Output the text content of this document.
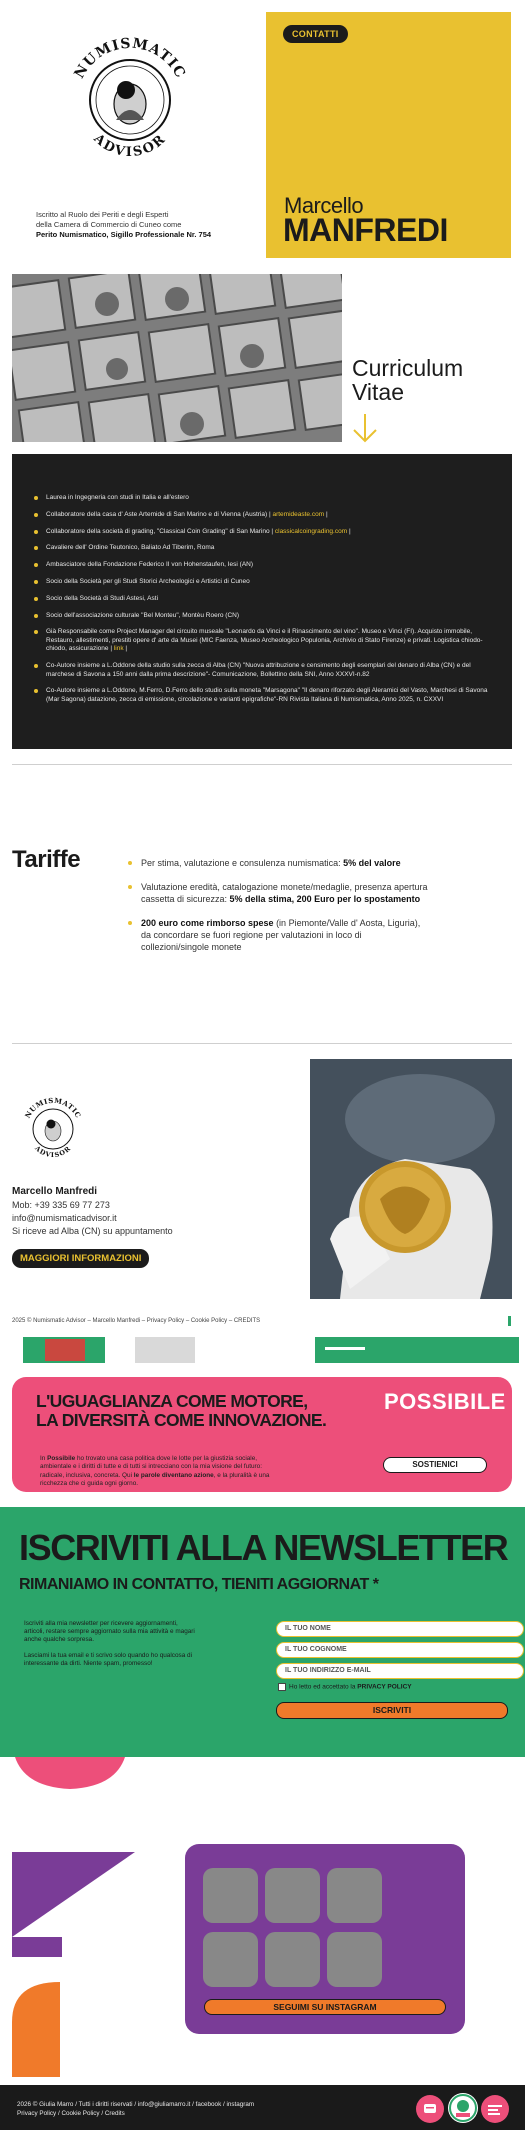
NUMISMATIC
ADVISOR
Iscritto al Ruolo dei Periti e degli Esperti
della Camera di Commercio di Cuneo come
Perito Numismatico, Sigillo Professionale Nr. 754
CONTATTI
Marcello
MANFREDI
Curriculum
Vitae
Laurea in Ingegneria con studi in Italia e all'estero
Collaboratore della casa d' Aste Artemide di San Marino e di Vienna (Austria) | artemideaste.com |
Collaboratore della società di grading, "Classical Coin Grading" di San Marino | classicalcoingrading.com |
Cavaliere dell' Ordine Teutonico, Baliato Ad Tiberim, Roma
Ambasciatore della Fondazione Federico II von Hohenstaufen, Iesi (AN)
Socio della Società per gli Studi Storici Archeologici e Artistici di Cuneo
Socio della Società di Studi Astesi, Asti
Socio dell'associazione culturale "Bel Monteu", Montèu Roero (CN)
Già Responsabile come Project Manager del circuito museale "Leonardo da Vinci e il Rinascimento del vino". Museo e Vinci (FI). Acquisto immobile, Restauro, allestimenti, prestiti opere d' arte da Musei (MIC Faenza, Museo Archeologico Populonia, Archivio di Stato Firenze) e privati. Logistica chiodo-chiodo, assicurazione | link |
Co-Autore insieme a L.Oddone della studio sulla zecca di Alba (CN) "Nuova attribuzione e censimento degli esemplari del denaro di Alba (CN) e del marchese di Savona a 150 anni dalla prima descrizione"- Comunicazione, Bollettino della SNI, Anno XXXVI-n.82
Co-Autore insieme a L.Oddone, M.Ferro, D.Ferro dello studio sulla moneta "Marsagona" "Il denaro riforzato degli Aleramici del Vasto, Marchesi di Savona (Mar Sagona) datazione, zecca di emissione, circolazione e varianti epigrafiche"-RN Rivista Italiana di Numismatica, Anno 2025, n. CXXVI
Tariffe	Per stima, valutazione e consulenza numismatica: 5% del valore
Valutazione eredità, catalogazione monete/medaglie, presenza apertura cassetta di sicurezza: 5% della stima, 200 Euro per lo spostamento
200 euro come rimborso spese (in Piemonte/Valle d' Aosta, Liguria), da concordare se fuori regione per valutazioni in loco di collezioni/singole monete
NUMISMATIC
ADVISOR
Marcello Manfredi
Mob: +39 335 69 77 273
info@numismaticadvisor.it
Si riceve ad Alba (CN) su appuntamento
MAGGIORI INFORMAZIONI
2025 © Numismatic Advisor – Marcello Manfredi – Privacy Policy – Cookie Policy – CREDITS
L'UGUAGLIANZA COME MOTORE,
LA DIVERSITÀ COME INNOVAZIONE.
In Possibile ho trovato una casa politica dove le lotte per la giustizia sociale, ambientale e i diritti di tutte e di tutti si intrecciano con la mia visione del futuro: radicale, inclusiva, concreta. Qui le parole diventano azione, e la pluralità è una ricchezza che ci guida ogni giorno.
POSSIBILE
SOSTIENICI
ISCRIVITI ALLA NEWSLETTER
RIMANIAMO IN CONTATTO, TIENITI AGGIORNAT *
Iscriviti alla mia newsletter per ricevere aggiornamenti, articoli, restare sempre aggiornato sulla mia attività e magari anche qualche sorpresa.
Lasciami la tua email e ti scrivo solo quando ho qualcosa di interessante da dirti. Niente spam, promesso!
IL TUO NOME
IL TUO COGNOME
IL TUO INDIRIZZO E-MAIL
Ho letto ed accettato la PRIVACY POLICY
ISCRIVITI
SEGUIMI SU INSTAGRAM
2026 © Giulia Marro / Tutti i diritti riservati / info@giuliamarro.it / facebook / instagram
Privacy Policy / Cookie Policy / Credits
